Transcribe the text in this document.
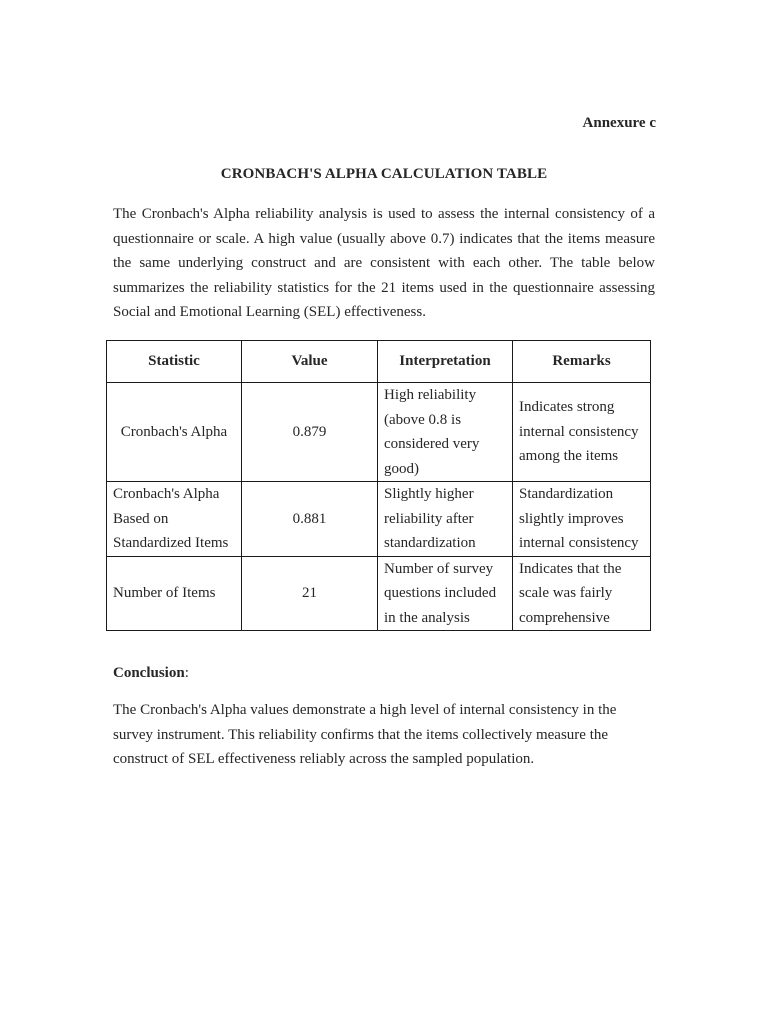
Annexure c
CRONBACH'S ALPHA CALCULATION TABLE

The Cronbach's Alpha reliability analysis is used to assess the internal consistency of a questionnaire or scale. A high value (usually above 0.7) indicates that the items measure the same underlying construct and are consistent with each other. The table below summarizes the reliability statistics for the 21 items used in the questionnaire assessing Social and Emotional Learning (SEL) effectiveness.

Statistic	Value	Interpretation	Remarks
Cronbach's Alpha	0.879	High reliability (above 0.8 is considered very good)	Indicates strong internal consistency among the items
Cronbach's Alpha Based on Standardized Items	0.881	Slightly higher reliability after standardization	Standardization slightly improves internal consistency
Number of Items	21	Number of survey questions included in the analysis	Indicates that the scale was fairly comprehensive
Conclusion:

The Cronbach's Alpha values demonstrate a high level of internal consistency in the survey instrument. This reliability confirms that the items collectively measure the construct of SEL effectiveness reliably across the sampled population.
